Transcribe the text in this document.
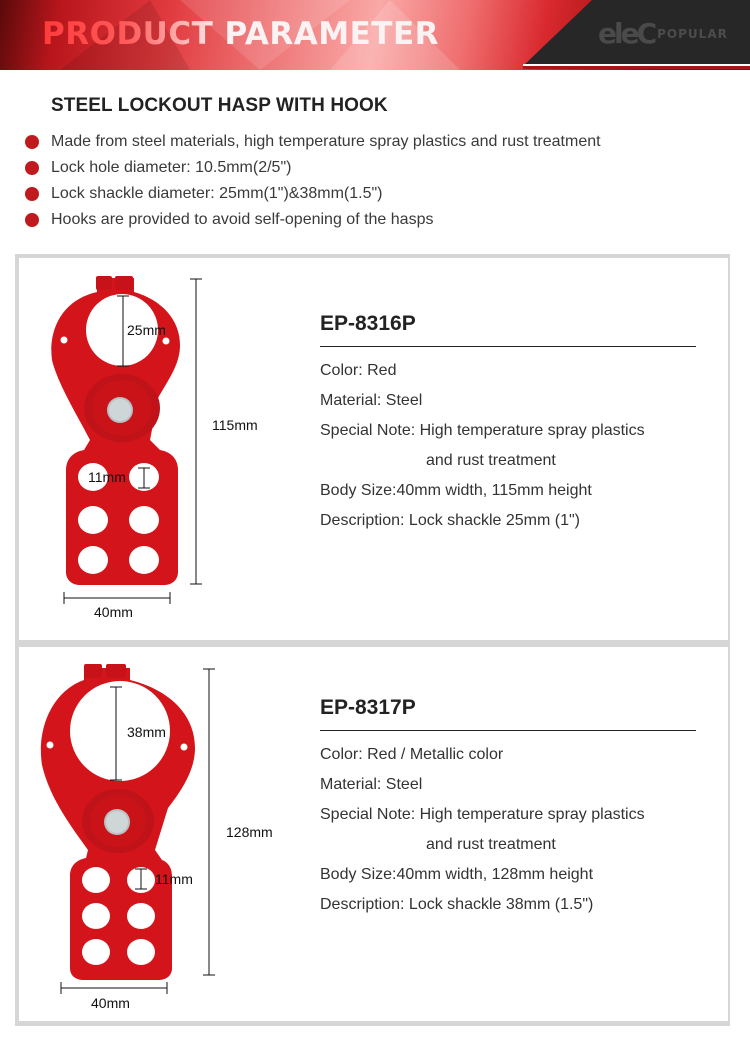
PRODUCT PARAMETER	eleC POPULAR
STEEL LOCKOUT HASP WITH HOOK
Made from steel materials, high temperature spray plastics and rust treatment
Lock hole diameter: 10.5mm(2/5")
Lock shackle diameter: 25mm(1")&38mm(1.5")
Hooks are provided to avoid self-opening of the hasps
25mm
11mm
115mm
40mm
EP-8316P
Color: Red
Material: Steel
Special Note: High temperature spray plastics
and rust treatment
Body Size:40mm width, 115mm height
Description: Lock shackle 25mm (1")
38mm
11mm
128mm
40mm
EP-8317P
Color: Red / Metallic color
Material: Steel
Special Note: High temperature spray plastics
and rust treatment
Body Size:40mm width, 128mm height
Description: Lock shackle 38mm (1.5")
